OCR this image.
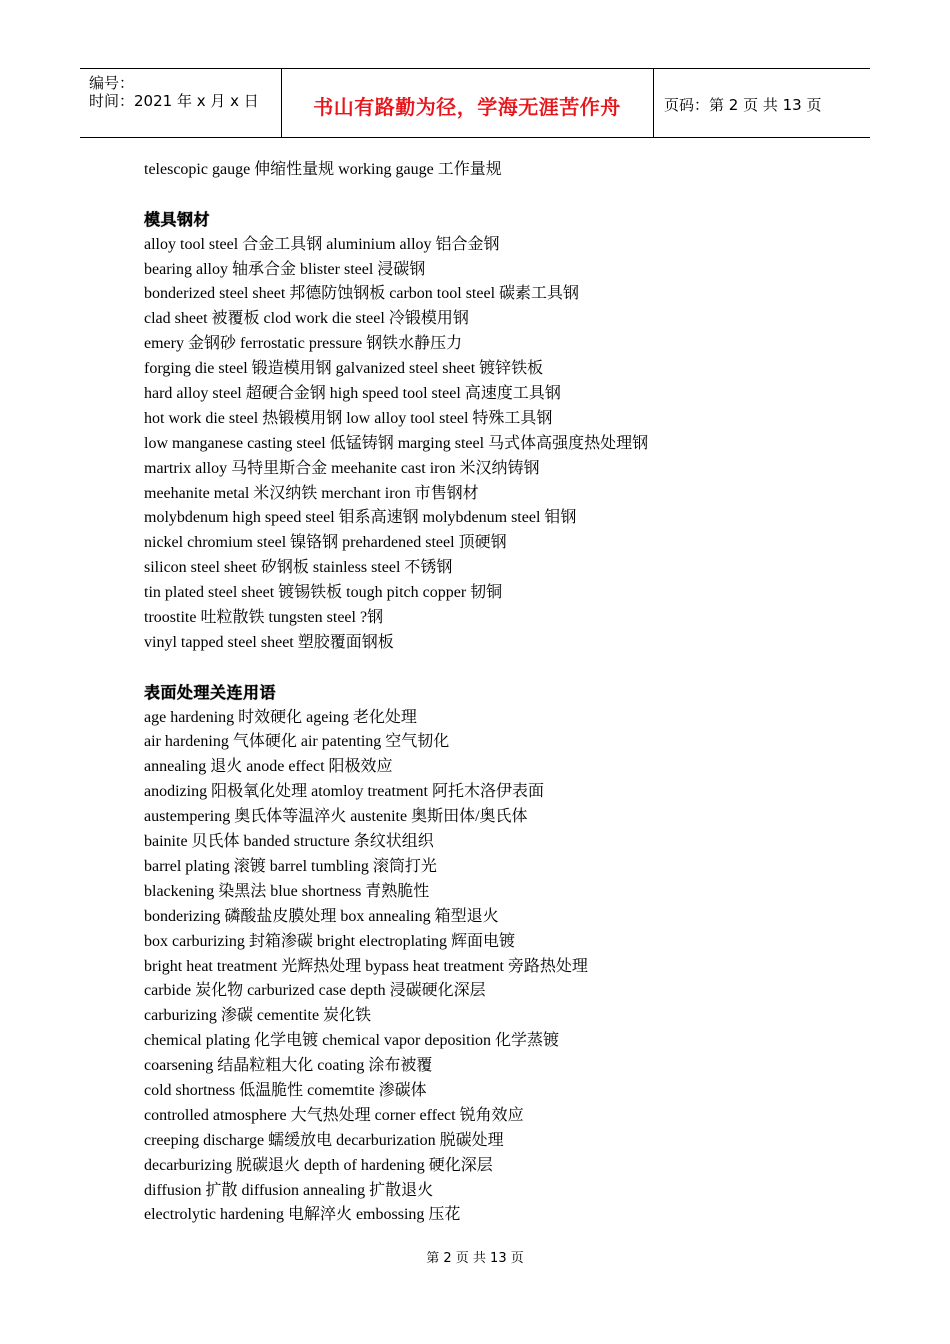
编号：
时间：2021 年 x 月 x 日	书山有路勤为径，学海无涯苦作舟	页码：第 2 页 共 13 页
telescopic gauge 伸缩性量规 working gauge 工作量规
模具钢材
alloy tool steel 合金工具钢 aluminium alloy 铝合金钢
bearing alloy 轴承合金 blister steel 浸碳钢
bonderized steel sheet 邦德防蚀钢板 carbon tool steel 碳素工具钢
clad sheet 被覆板 clod work die steel 冷锻模用钢
emery 金钢砂 ferrostatic pressure 钢铁水静压力
forging die steel 锻造模用钢 galvanized steel sheet 镀锌铁板
hard alloy steel 超硬合金钢 high speed tool steel 高速度工具钢
hot work die steel 热锻模用钢 low alloy tool steel 特殊工具钢
low manganese casting steel 低锰铸钢 marging steel 马式体高强度热处理钢
martrix alloy 马特里斯合金 meehanite cast iron 米汉纳铸钢
meehanite metal 米汉纳铁 merchant iron 市售钢材
molybdenum high speed steel 钼系高速钢 molybdenum steel 钼钢
nickel chromium steel 镍铬钢 prehardened steel 顶硬钢
silicon steel sheet 矽钢板 stainless steel 不锈钢
tin plated steel sheet 镀锡铁板 tough pitch copper 韧铜
troostite 吐粒散铁 tungsten steel ?钢
vinyl tapped steel sheet 塑胶覆面钢板
表面处理关连用语
age hardening 时效硬化 ageing 老化处理
air hardening 气体硬化 air patenting 空气韧化
annealing 退火 anode effect 阳极效应
anodizing 阳极氧化处理 atomloy treatment 阿托木洛伊表面
austempering 奥氏体等温淬火 austenite 奥斯田体/奥氏体
bainite 贝氏体 banded structure 条纹状组织
barrel plating 滚镀 barrel tumbling 滚筒打光
blackening 染黑法 blue shortness 青熟脆性
bonderizing 磷酸盐皮膜处理 box annealing 箱型退火
box carburizing 封箱渗碳 bright electroplating 辉面电镀
bright heat treatment 光辉热处理 bypass heat treatment 旁路热处理
carbide 炭化物 carburized case depth 浸碳硬化深层
carburizing 渗碳 cementite 炭化铁
chemical plating 化学电镀 chemical vapor deposition 化学蒸镀
coarsening 结晶粒粗大化 coating 涂布被覆
cold shortness 低温脆性 comemtite 渗碳体
controlled atmosphere 大气热处理 corner effect 锐角效应
creeping discharge 蠕缓放电 decarburization 脱碳处理
decarburizing 脱碳退火 depth of hardening 硬化深层
diffusion 扩散 diffusion annealing 扩散退火
electrolytic hardening 电解淬火 embossing 压花
第 2 页 共 13 页
